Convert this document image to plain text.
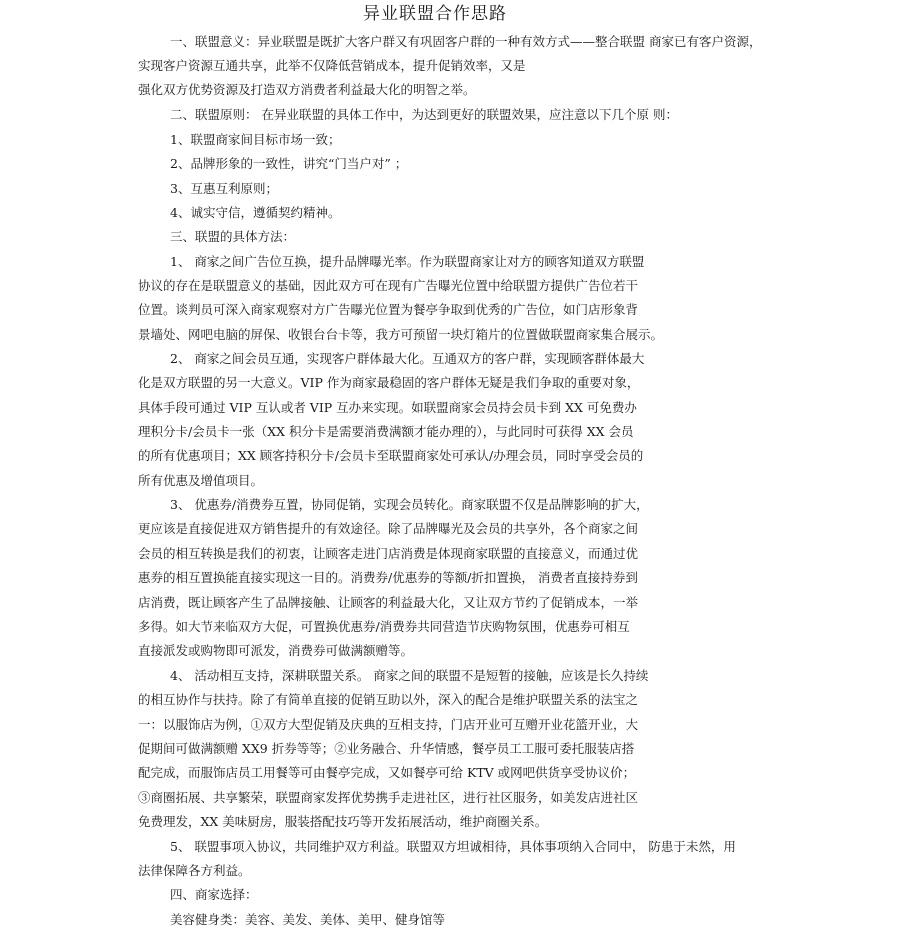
异业联盟合作思路
一、联盟意义：异业联盟是既扩大客户群又有巩固客户群的一种有效方式——整合联盟 商家已有客户资源，
实现客户资源互通共享，此举不仅降低营销成本，提升促销效率，又是
强化双方优势资源及打造双方消费者利益最大化的明智之举。
二、联盟原则： 在异业联盟的具体工作中，为达到更好的联盟效果，应注意以下几个原 则：
1、联盟商家间目标市场一致；
2、品牌形象的一致性，讲究“门当户对” ；
3、互惠互利原则；
4、诚实守信，遵循契约精神。
三、联盟的具体方法：
1、 商家之间广告位互换，提升品牌曝光率。作为联盟商家让对方的顾客知道双方联盟
协议的存在是联盟意义的基础，因此双方可在现有广告曝光位置中给联盟方提供广告位若干
位置。谈判员可深入商家观察对方广告曝光位置为餐亭争取到优秀的广告位，如门店形象背
景墙处、网吧电脑的屏保、收银台台卡等，我方可预留一块灯箱片的位置做联盟商家集合展示。
2、 商家之间会员互通，实现客户群体最大化。互通双方的客户群，实现顾客群体最大
化是双方联盟的另一大意义。VIP 作为商家最稳固的客户群体无疑是我们争取的重要对象，
具体手段可通过 VIP 互认或者 VIP 互办来实现。如联盟商家会员持会员卡到 XX 可免费办
理积分卡/会员卡一张（XX 积分卡是需要消费满额才能办理的），与此同时可获得 XX 会员
的所有优惠项目；XX 顾客持积分卡/会员卡至联盟商家处可承认/办理会员，同时享受会员的
所有优惠及增值项目。
3、 优惠券/消费券互置，协同促销，实现会员转化。商家联盟不仅是品牌影响的扩大，
更应该是直接促进双方销售提升的有效途径。除了品牌曝光及会员的共享外，各个商家之间
会员的相互转换是我们的初衷，让顾客走进门店消费是体现商家联盟的直接意义，而通过优
惠券的相互置换能直接实现这一目的。消费券/优惠券的等额/折扣置换， 消费者直接持券到
店消费，既让顾客产生了品牌接触、让顾客的利益最大化，又让双方节约了促销成本，一举
多得。如大节来临双方大促，可置换优惠券/消费券共同营造节庆购物氛围，优惠券可相互
直接派发或购物即可派发，消费券可做满额赠等。
4、 活动相互支持，深耕联盟关系。 商家之间的联盟不是短暂的接触，应该是长久持续
的相互协作与扶持。除了有简单直接的促销互助以外，深入的配合是维护联盟关系的法宝之
一：以服饰店为例，①双方大型促销及庆典的互相支持，门店开业可互赠开业花篮开业，大
促期间可做满额赠 XX9 折券等等；②业务融合、升华情感，餐亭员工工服可委托服装店搭
配完成，而服饰店员工用餐等可由餐亭完成，又如餐亭可给 KTV 或网吧供货享受协议价；
③商圈拓展、共享繁荣，联盟商家发挥优势携手走进社区，进行社区服务，如美发店进社区
免费理发，XX 美味厨房，服装搭配技巧等开发拓展活动，维护商圈关系。
5、 联盟事项入协议，共同维护双方利益。联盟双方坦诚相待，具体事项纳入合同中， 防患于未然，用
法律保障各方利益。
四、商家选择：
美容健身类：美容、美发、美体、美甲、健身馆等
